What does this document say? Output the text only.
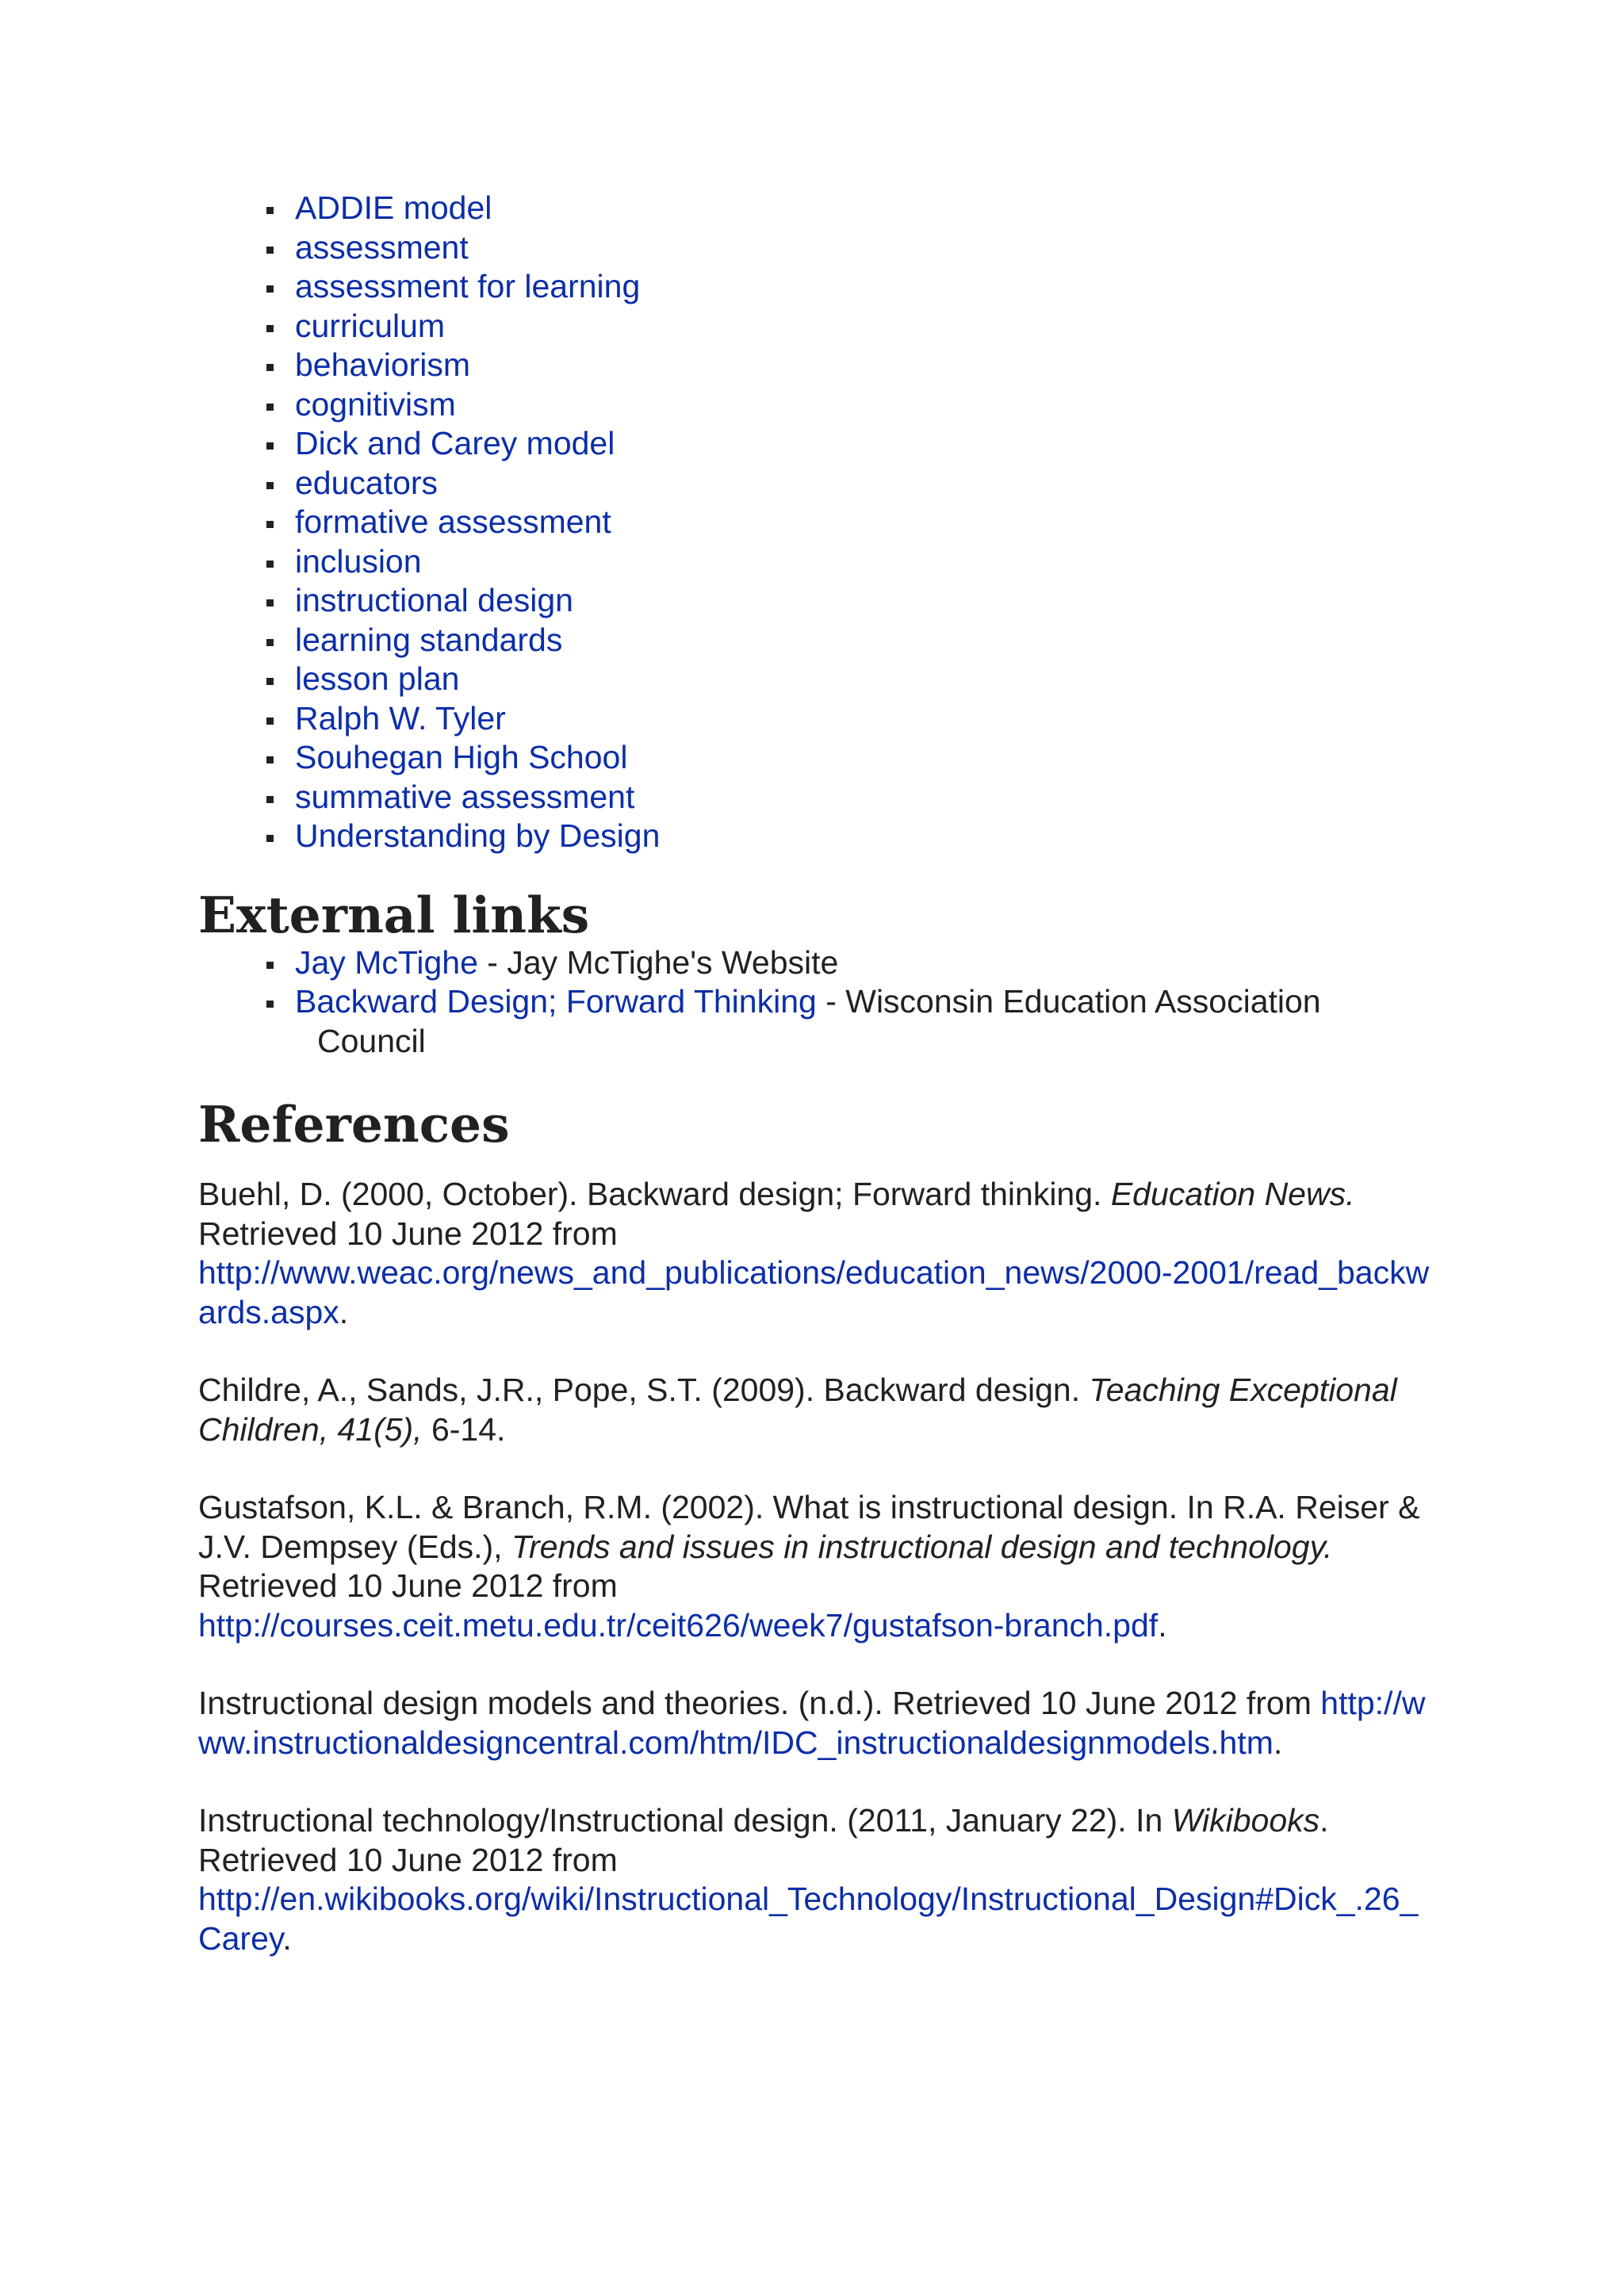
ADDIE model
assessment
assessment for learning
curriculum
behaviorism
cognitivism
Dick and Carey model
educators
formative assessment
inclusion
instructional design
learning standards
lesson plan
Ralph W. Tyler
Souhegan High School
summative assessment
Understanding by Design
External links
Jay McTighe - Jay McTighe's Website
Backward Design; Forward Thinking - Wisconsin Education Association
Council
References

Buehl, D. (2000, October). Backward design; Forward thinking. Education News. Retrieved 10 June 2012 from
http://www.weac.org/news_and_publications/education_news/2000-2001/read_backwards.aspx.

Childre, A., Sands, J.R., Pope, S.T. (2009). Backward design. Teaching Exceptional Children, 41(5), 6-14.

Gustafson, K.L. & Branch, R.M. (2002). What is instructional design. In R.A. Reiser & J.V. Dempsey (Eds.), Trends and issues in instructional design and technology. Retrieved 10 June 2012 from
http://courses.ceit.metu.edu.tr/ceit626/week7/gustafson-branch.pdf.

Instructional design models and theories. (n.d.). Retrieved 10 June 2012 from http://www.instructionaldesigncentral.com/htm/IDC_instructionaldesignmodels.htm.

Instructional technology/Instructional design. (2011, January 22). In Wikibooks. Retrieved 10 June 2012 from
http://en.wikibooks.org/wiki/Instructional_Technology/Instructional_Design#Dick_.26_Carey.
